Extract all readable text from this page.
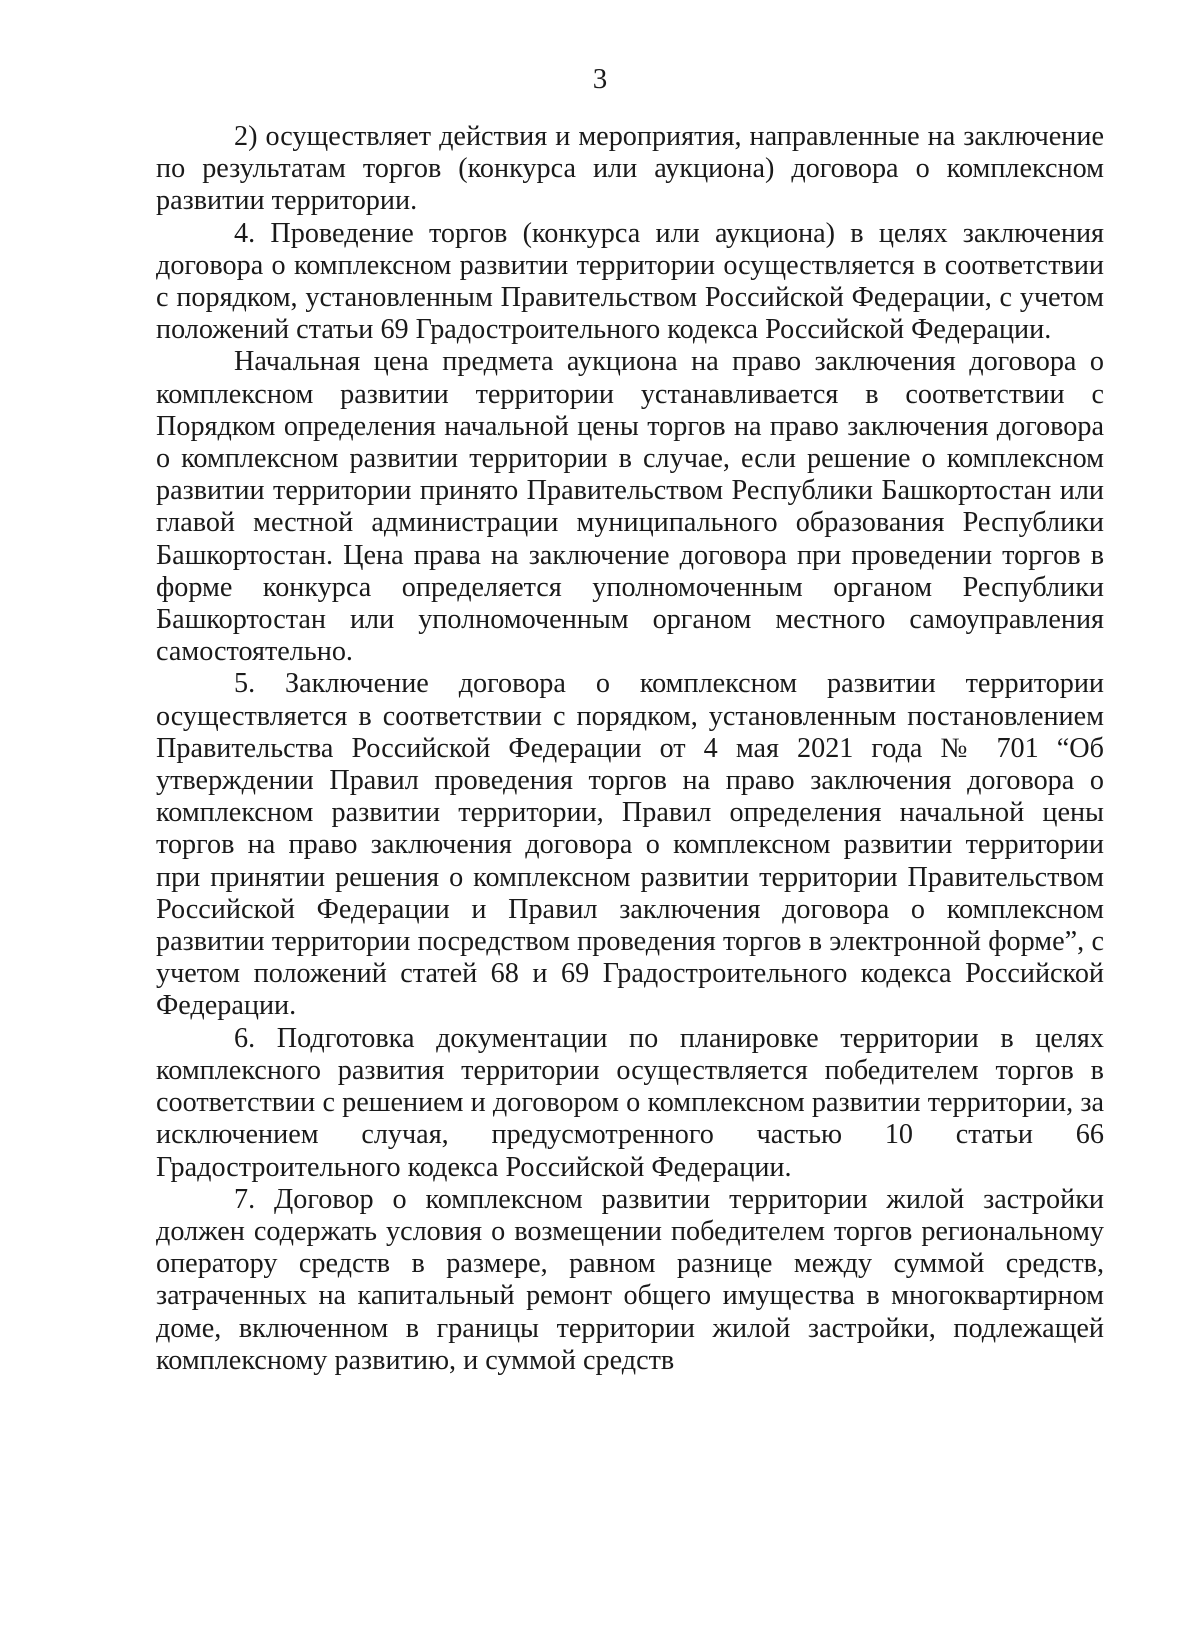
3

2) осуществляет действия и мероприятия, направленные на заключение по результатам торгов (конкурса или аукциона) договора о комплексном развитии территории.

4. Проведение торгов (конкурса или аукциона) в целях заключения договора о комплексном развитии территории осуществляется в соответствии с порядком, установленным Правительством Российской Федерации, с учетом положений статьи 69 Градостроительного кодекса Российской Федерации.

Начальная цена предмета аукциона на право заключения договора о комплексном развитии территории устанавливается в соответствии с Порядком определения начальной цены торгов на право заключения договора о комплексном развитии территории в случае, если решение о комплексном развитии территории принято Правительством Республики Башкортостан или главой местной администрации муниципального образования Республики Башкортостан. Цена права на заключение договора при проведении торгов в форме конкурса определяется уполномоченным органом Республики Башкортостан или уполномоченным органом местного самоуправления самостоятельно.

5. Заключение договора о комплексном развитии территории осуществляется в соответствии с порядком, установленным постановлением Правительства Российской Федерации от 4 мая 2021 года № 701 “Об утверждении Правил проведения торгов на право заключения договора о комплексном развитии территории, Правил определения начальной цены торгов на право заключения договора о комплексном развитии территории при принятии решения о комплексном развитии территории Правительством Российской Федерации и Правил заключения договора о комплексном развитии территории посредством проведения торгов в электронной форме”, с учетом положений статей 68 и 69 Градостроительного кодекса Российской Федерации.

6. Подготовка документации по планировке территории в целях комплексного развития территории осуществляется победителем торгов в соответствии с решением и договором о комплексном развитии территории, за исключением случая, предусмотренного частью 10 статьи 66 Градостроительного кодекса Российской Федерации.

7. Договор о комплексном развитии территории жилой застройки должен содержать условия о возмещении победителем торгов региональному оператору средств в размере, равном разнице между суммой средств, затраченных на капитальный ремонт общего имущества в многоквартирном доме, включенном в границы территории жилой застройки, подлежащей комплексному развитию, и суммой средств
